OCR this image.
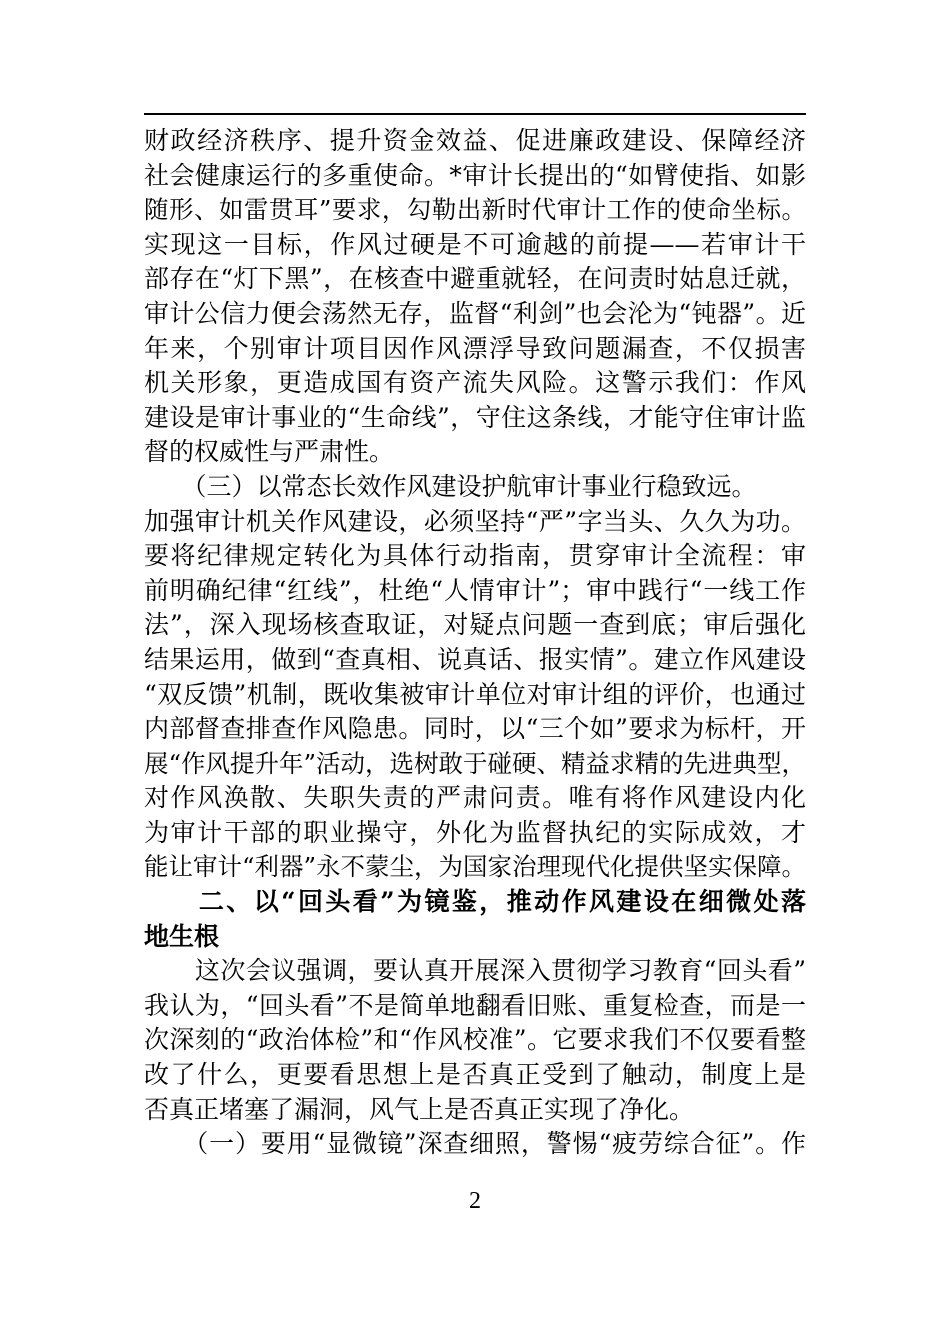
财政经济秩序、提升资金效益、促进廉政建设、保障经济
社会健康运行的多重使命。*审计长提出的“如臂使指、如影
随形、如雷贯耳”要求，勾勒出新时代审计工作的使命坐标。
实现这一目标，作风过硬是不可逾越的前提——若审计干
部存在“灯下黑”，在核查中避重就轻，在问责时姑息迁就，
审计公信力便会荡然无存，监督“利剑”也会沦为“钝器”。近
年来，个别审计项目因作风漂浮导致问题漏查，不仅损害
机关形象，更造成国有资产流失风险。这警示我们：作风
建设是审计事业的“生命线”，守住这条线，才能守住审计监
督的权威性与严肃性。
　　（三）以常态长效作风建设护航审计事业行稳致远。
加强审计机关作风建设，必须坚持“严”字当头、久久为功。
要将纪律规定转化为具体行动指南，贯穿审计全流程：审
前明确纪律“红线”，杜绝“人情审计”；审中践行“一线工作
法”，深入现场核查取证，对疑点问题一查到底；审后强化
结果运用，做到“查真相、说真话、报实情”。建立作风建设
“双反馈”机制，既收集被审计单位对审计组的评价，也通过
内部督查排查作风隐患。同时，以“三个如”要求为标杆，开
展“作风提升年”活动，选树敢于碰硬、精益求精的先进典型，
对作风涣散、失职失责的严肃问责。唯有将作风建设内化
为审计干部的职业操守，外化为监督执纪的实际成效，才
能让审计“利器”永不蒙尘，为国家治理现代化提供坚实保障。
　　二、以“回头看”为镜鉴，推动作风建设在细微处落
地生根
　　这次会议强调，要认真开展深入贯彻学习教育“回头看”
我认为，“回头看”不是简单地翻看旧账、重复检查，而是一
次深刻的“政治体检”和“作风校准”。它要求我们不仅要看整
改了什么，更要看思想上是否真正受到了触动，制度上是
否真正堵塞了漏洞，风气上是否真正实现了净化。
　　（一）要用“显微镜”深查细照，警惕“疲劳综合征”。作
2
